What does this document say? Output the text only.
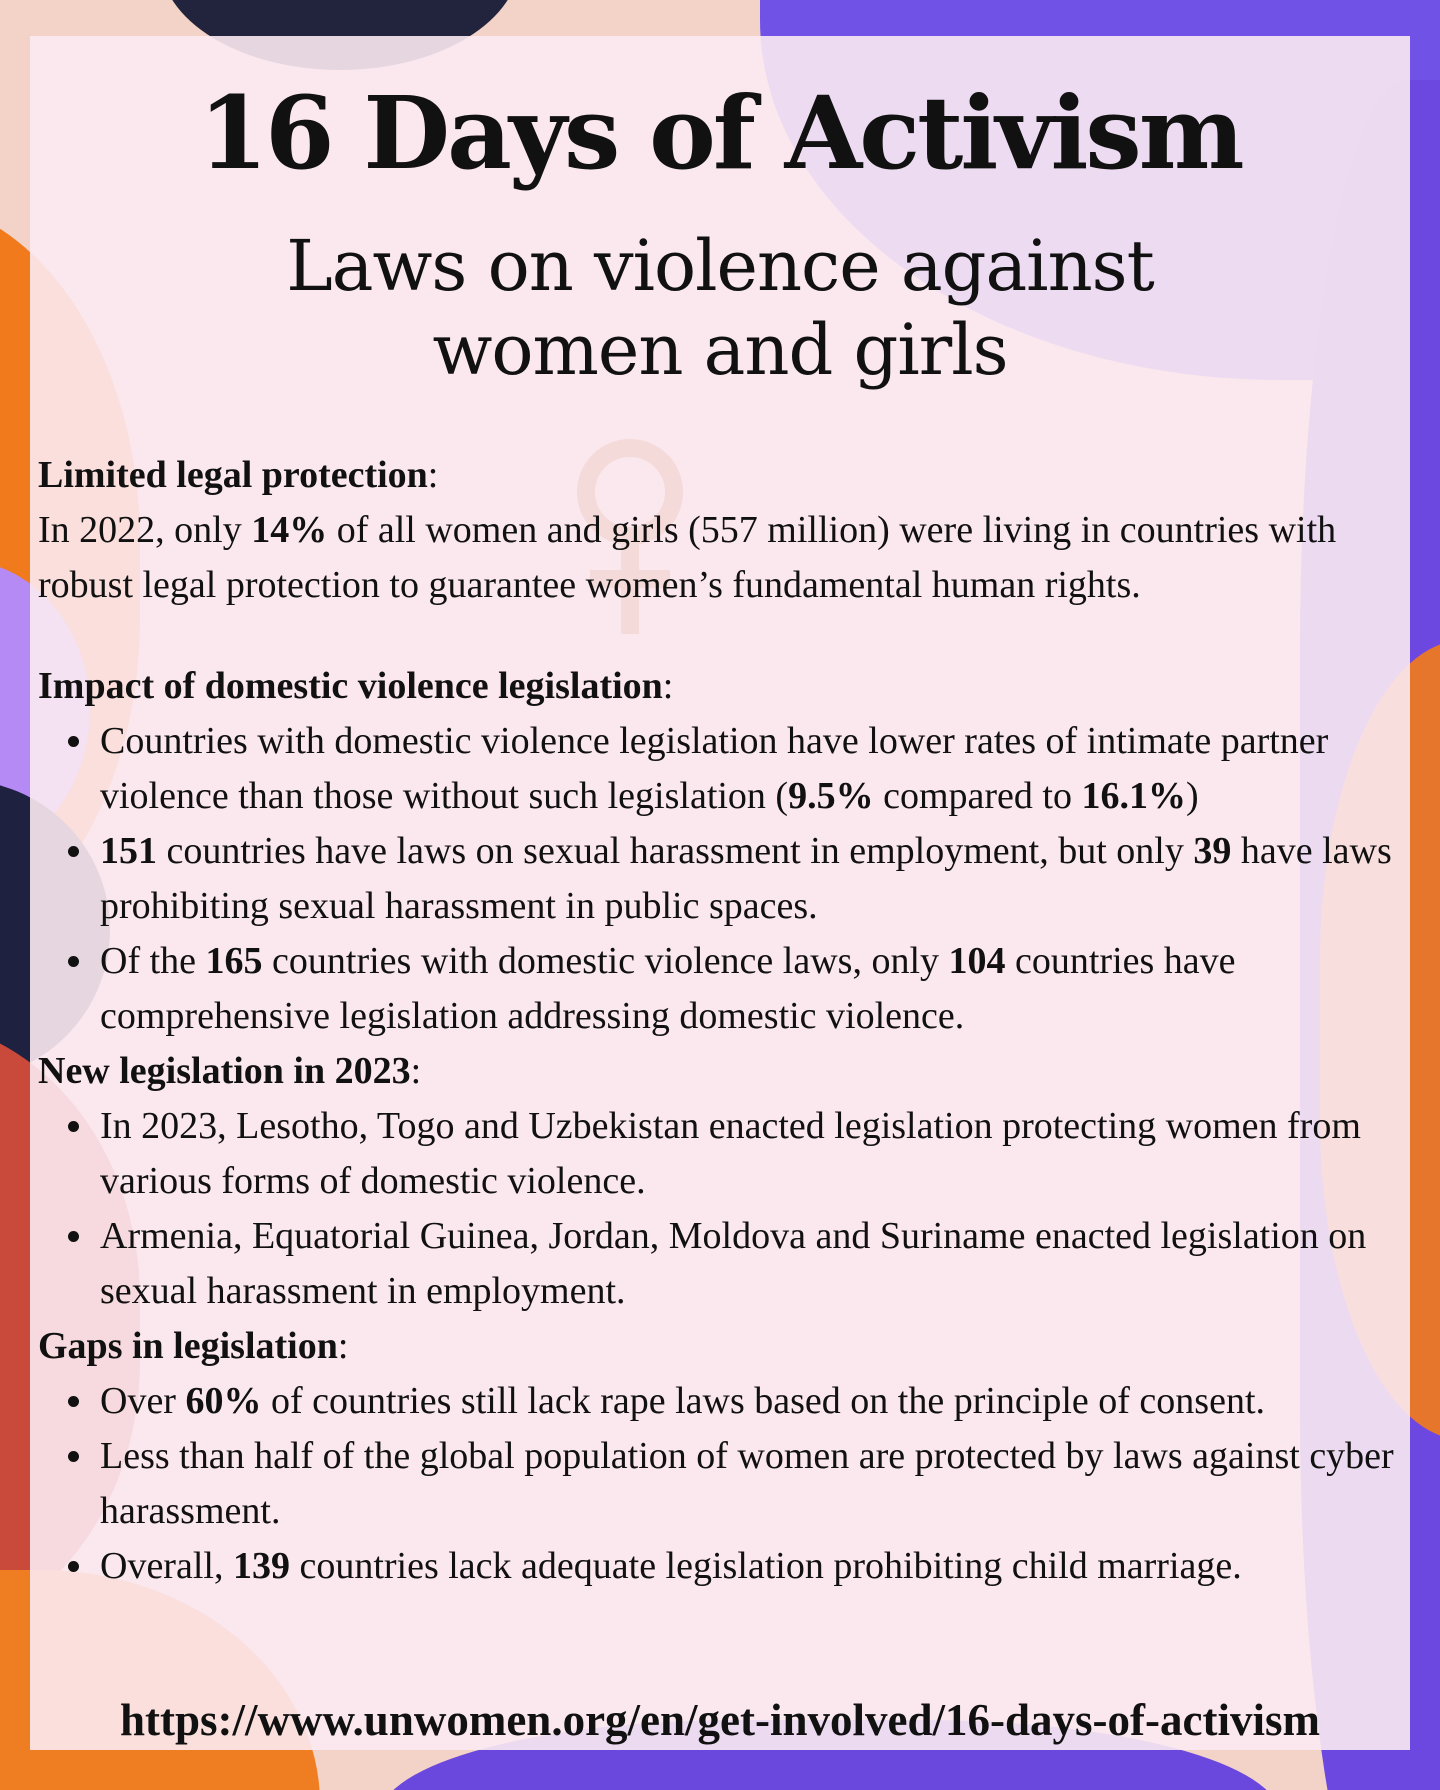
16 Days of Activism
Laws on violence against
women and girls

Limited legal protection:

In 2022, only 14% of all women and girls (557 million) were living in countries with robust legal protection to guarantee women’s fundamental human rights.

Impact of domestic violence legislation:

Countries with domestic violence legislation have lower rates of intimate partner violence than those without such legislation (9.5% compared to 16.1%)
151 countries have laws on sexual harassment in employment, but only 39 have laws prohibiting sexual harassment in public spaces.
Of the 165 countries with domestic violence laws, only 104 countries have comprehensive legislation addressing domestic violence.

New legislation in 2023:

In 2023, Lesotho, Togo and Uzbekistan enacted legislation protecting women from various forms of domestic violence.
Armenia, Equatorial Guinea, Jordan, Moldova and Suriname enacted legislation on sexual harassment in employment.

Gaps in legislation:

Over 60% of countries still lack rape laws based on the principle of consent.
Less than half of the global population of women are protected by laws against cyber harassment.
Overall, 139 countries lack adequate legislation prohibiting child marriage.
https://www.unwomen.org/en/get-involved/16-days-of-activism
